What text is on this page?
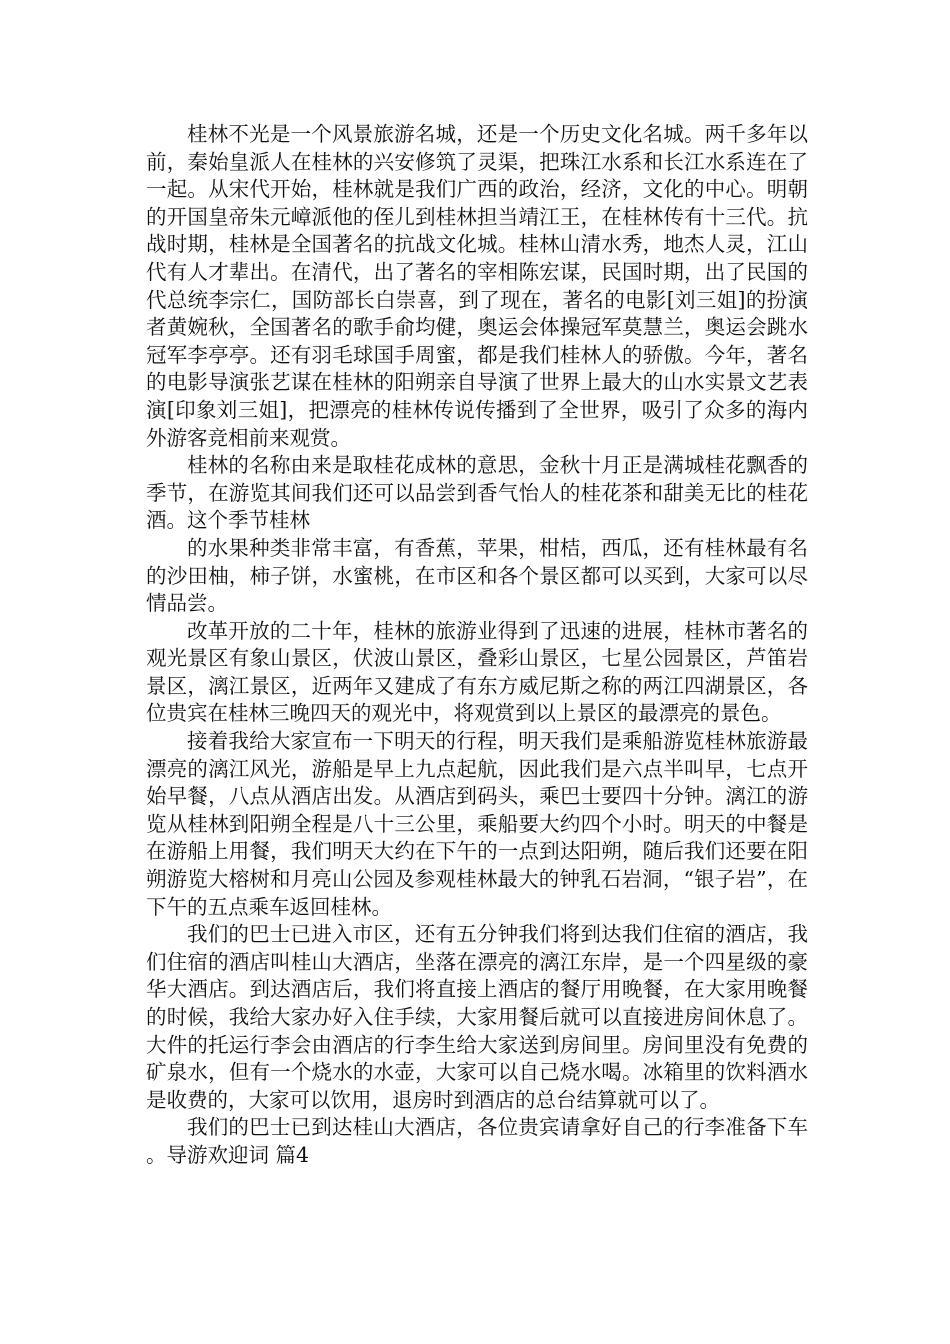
桂林不光是一个风景旅游名城，还是一个历史文化名城。两千多年以前，秦始皇派人在桂林的兴安修筑了灵渠，把珠江水系和长江水系连在了一起。从宋代开始，桂林就是我们广西的政治，经济，文化的中心。明朝的开国皇帝朱元嶂派他的侄儿到桂林担当靖江王，在桂林传有十三代。抗战时期，桂林是全国著名的抗战文化城。桂林山清水秀，地杰人灵，江山代有人才辈出。在清代，出了著名的宰相陈宏谋，民国时期，出了民国的代总统李宗仁，国防部长白崇喜，到了现在，著名的电影[刘三姐]的扮演者黄婉秋，全国著名的歌手俞均健，奥运会体操冠军莫慧兰，奥运会跳水冠军李亭亭。还有羽毛球国手周蜜，都是我们桂林人的骄傲。今年，著名的电影导演张艺谋在桂林的阳朔亲自导演了世界上最大的山水实景文艺表演[印象刘三姐]，把漂亮的桂林传说传播到了全世界，吸引了众多的海内外游客竞相前来观赏。

桂林的名称由来是取桂花成林的意思，金秋十月正是满城桂花飘香的季节，在游览其间我们还可以品尝到香气怡人的桂花茶和甜美无比的桂花酒。这个季节桂林

的水果种类非常丰富，有香蕉，苹果，柑桔，西瓜，还有桂林最有名的沙田柚，柿子饼，水蜜桃，在市区和各个景区都可以买到，大家可以尽情品尝。

改革开放的二十年，桂林的旅游业得到了迅速的进展，桂林市著名的观光景区有象山景区，伏波山景区，叠彩山景区，七星公园景区，芦笛岩景区，漓江景区，近两年又建成了有东方威尼斯之称的两江四湖景区，各位贵宾在桂林三晚四天的观光中，将观赏到以上景区的最漂亮的景色。

接着我给大家宣布一下明天的行程，明天我们是乘船游览桂林旅游最漂亮的漓江风光，游船是早上九点起航，因此我们是六点半叫早，七点开始早餐，八点从酒店出发。从酒店到码头，乘巴士要四十分钟。漓江的游览从桂林到阳朔全程是八十三公里，乘船要大约四个小时。明天的中餐是在游船上用餐，我们明天大约在下午的一点到达阳朔，随后我们还要在阳朔游览大榕树和月亮山公园及参观桂林最大的钟乳石岩洞，“银子岩”，在下午的五点乘车返回桂林。

我们的巴士已进入市区，还有五分钟我们将到达我们住宿的酒店，我们住宿的酒店叫桂山大酒店，坐落在漂亮的漓江东岸，是一个四星级的豪华大酒店。到达酒店后，我们将直接上酒店的餐厅用晚餐，在大家用晚餐的时候，我给大家办好入住手续，大家用餐后就可以直接进房间休息了。大件的托运行李会由酒店的行李生给大家送到房间里。房间里没有免费的矿泉水，但有一个烧水的水壶，大家可以自己烧水喝。冰箱里的饮料酒水是收费的，大家可以饮用，退房时到酒店的总台结算就可以了。

我们的巴士已到达桂山大酒店，各位贵宾请拿好自己的行李准备下车。导游欢迎词 篇4
